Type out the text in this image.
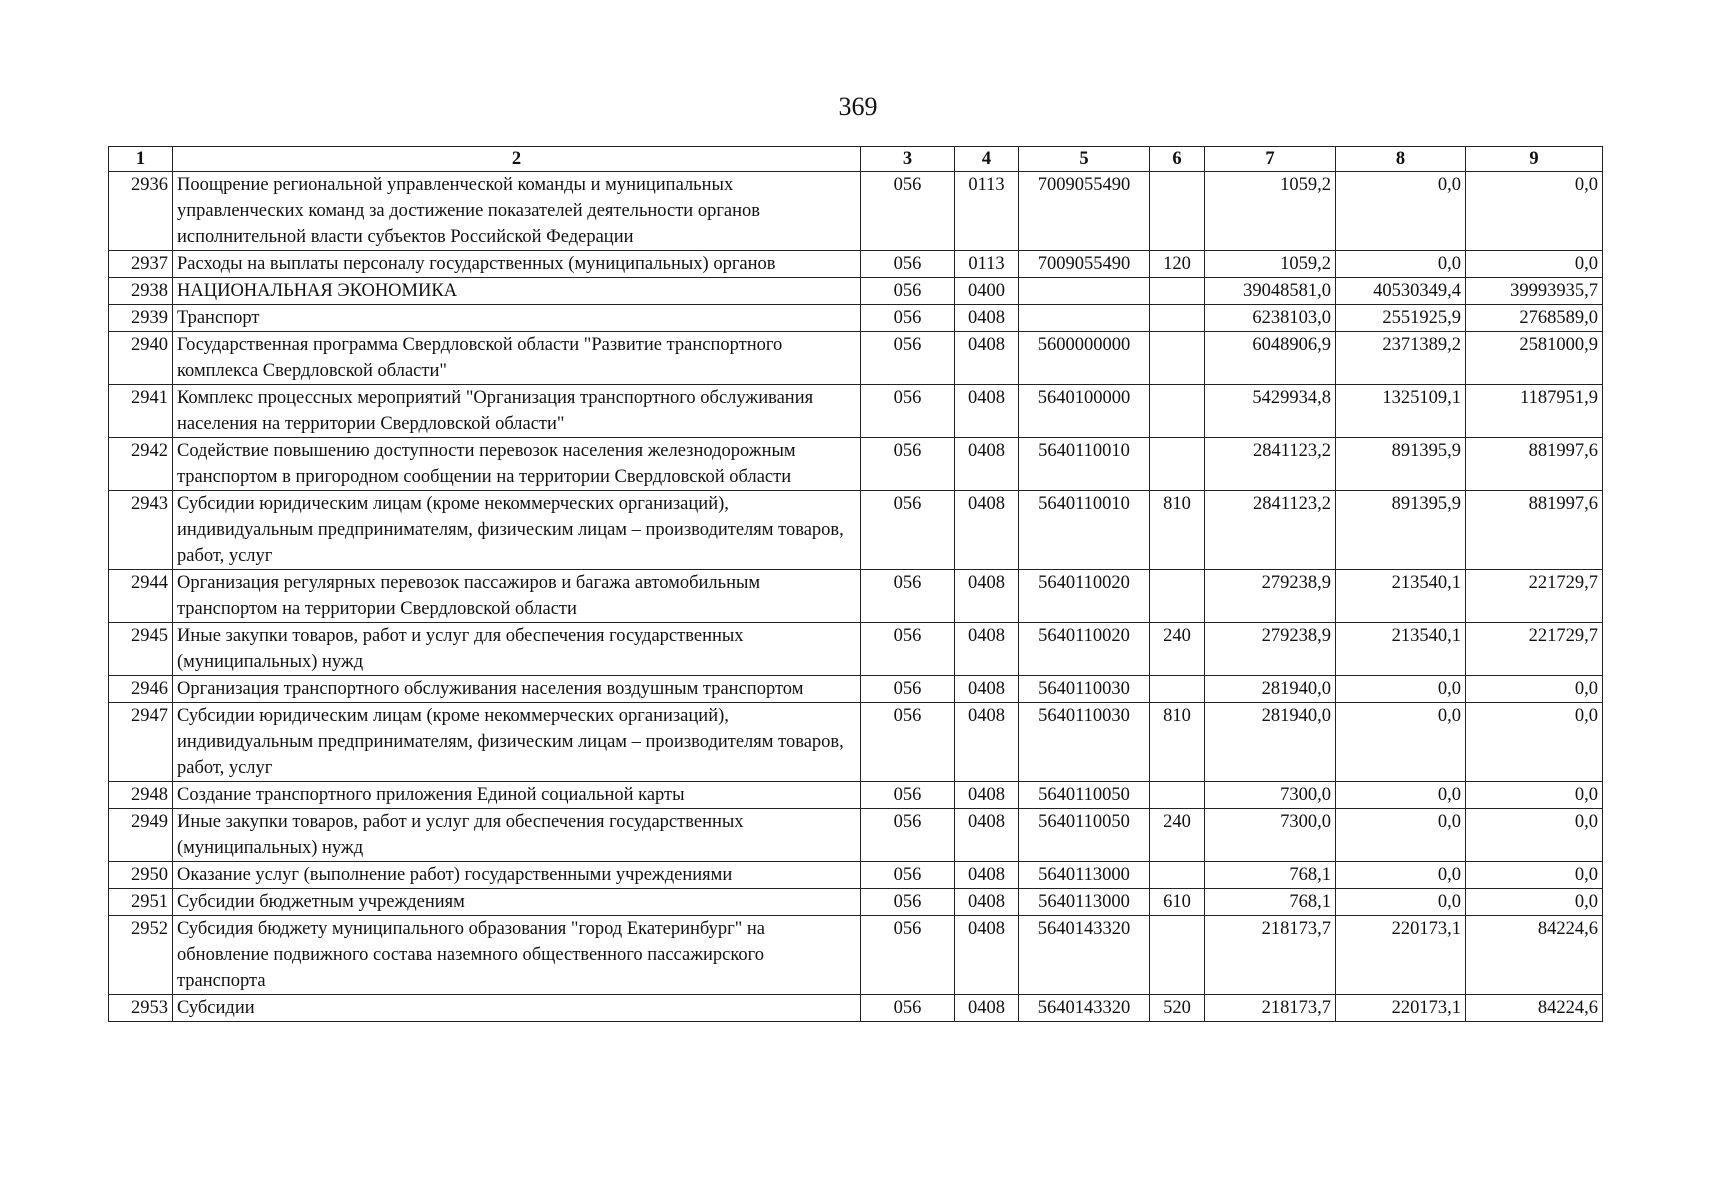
369
1	2	3	4	5	6	7	8	9
2936	Поощрение региональной управленческой команды и муниципальных управленческих команд за достижение показателей деятельности органов исполнительной власти субъектов Российской Федерации	056	0113	7009055490		1059,2	0,0	0,0
2937	Расходы на выплаты персоналу государственных (муниципальных) органов	056	0113	7009055490	120	1059,2	0,0	0,0
2938	НАЦИОНАЛЬНАЯ ЭКОНОМИКА	056	0400			39048581,0	40530349,4	39993935,7
2939	Транспорт	056	0408			6238103,0	2551925,9	2768589,0
2940	Государственная программа Свердловской области "Развитие транспортного комплекса Свердловской области"	056	0408	5600000000		6048906,9	2371389,2	2581000,9
2941	Комплекс процессных мероприятий "Организация транспортного обслуживания населения на территории Свердловской области"	056	0408	5640100000		5429934,8	1325109,1	1187951,9
2942	Содействие повышению доступности перевозок населения железнодорожным транспортом в пригородном сообщении на территории Свердловской области	056	0408	5640110010		2841123,2	891395,9	881997,6
2943	Субсидии юридическим лицам (кроме некоммерческих организаций), индивидуальным предпринимателям, физическим лицам – производителям товаров, работ, услуг	056	0408	5640110010	810	2841123,2	891395,9	881997,6
2944	Организация регулярных перевозок пассажиров и багажа автомобильным транспортом на территории Свердловской области	056	0408	5640110020		279238,9	213540,1	221729,7
2945	Иные закупки товаров, работ и услуг для обеспечения государственных (муниципальных) нужд	056	0408	5640110020	240	279238,9	213540,1	221729,7
2946	Организация транспортного обслуживания населения воздушным транспортом	056	0408	5640110030		281940,0	0,0	0,0
2947	Субсидии юридическим лицам (кроме некоммерческих организаций), индивидуальным предпринимателям, физическим лицам – производителям товаров, работ, услуг	056	0408	5640110030	810	281940,0	0,0	0,0
2948	Создание транспортного приложения Единой социальной карты	056	0408	5640110050		7300,0	0,0	0,0
2949	Иные закупки товаров, работ и услуг для обеспечения государственных (муниципальных) нужд	056	0408	5640110050	240	7300,0	0,0	0,0
2950	Оказание услуг (выполнение работ) государственными учреждениями	056	0408	5640113000		768,1	0,0	0,0
2951	Субсидии бюджетным учреждениям	056	0408	5640113000	610	768,1	0,0	0,0
2952	Субсидия бюджету муниципального образования "город Екатеринбург" на обновление подвижного состава наземного общественного пассажирского транспорта	056	0408	5640143320		218173,7	220173,1	84224,6
2953	Субсидии	056	0408	5640143320	520	218173,7	220173,1	84224,6
